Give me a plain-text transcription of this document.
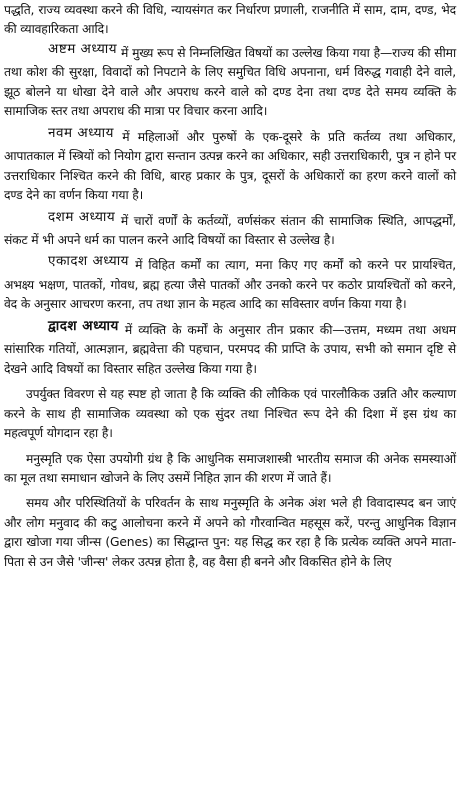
पद्धति, राज्य व्यवस्था करने की विधि, न्यायसंगत कर निर्धारण प्रणाली, राजनीति में साम, दाम, दण्ड, भेद की व्यावहारिकता आदि।

अष्टम अध्याय में मुख्य रूप से निम्नलिखित विषयों का उल्लेख किया गया है—राज्य की सीमा तथा कोश की सुरक्षा, विवादों को निपटाने के लिए समुचित विधि अपनाना, धर्म विरुद्ध गवाही देने वाले, झूठ बोलने या धोखा देने वाले और अपराध करने वाले को दण्ड देना तथा दण्ड देते समय व्यक्ति के सामाजिक स्तर तथा अपराध की मात्रा पर विचार करना आदि।

नवम अध्याय में महिलाओं और पुरुषों के एक-दूसरे के प्रति कर्तव्य तथा अधिकार, आपातकाल में स्त्रियों को नियोग द्वारा सन्तान उत्पन्न करने का अधिकार, सही उत्तराधिकारी, पुत्र न होने पर उत्तराधिकार निश्चित करने की विधि, बारह प्रकार के पुत्र, दूसरों के अधिकारों का हरण करने वालों को दण्ड देने का वर्णन किया गया है।

दशम अध्याय में चारों वर्णों के कर्तव्यों, वर्णसंकर संतान की सामाजिक स्थिति, आपद्धर्मों, संकट में भी अपने धर्म का पालन करने आदि विषयों का विस्तार से उल्लेख है।

एकादश अध्याय में विहित कर्मों का त्याग, मना किए गए कर्मों को करने पर प्रायश्चित, अभक्ष्य भक्षण, पातकों, गोवध, ब्रह्म हत्या जैसे पातकों और उनको करने पर कठोर प्रायश्चितों को करने, वेद के अनुसार आचरण करना, तप तथा ज्ञान के महत्व आदि का सविस्तार वर्णन किया गया है।

द्वादश अध्याय में व्यक्ति के कर्मों के अनुसार तीन प्रकार की—उत्तम, मध्यम तथा अधम सांसारिक गतियों, आत्मज्ञान, ब्रह्मवेत्ता की पहचान, परमपद की प्राप्ति के उपाय, सभी को समान दृष्टि से देखने आदि विषयों का विस्तार सहित उल्लेख किया गया है।

उपर्युक्त विवरण से यह स्पष्ट हो जाता है कि व्यक्ति की लौकिक एवं पारलौकिक उन्नति और कल्याण करने के साथ ही सामाजिक व्यवस्था को एक सुंदर तथा निश्चित रूप देने की दिशा में इस ग्रंथ का महत्वपूर्ण योगदान रहा है।

मनुस्मृति एक ऐसा उपयोगी ग्रंथ है कि आधुनिक समाजशास्त्री भारतीय समाज की अनेक समस्याओं का मूल तथा समाधान खोजने के लिए उसमें निहित ज्ञान की शरण में जाते हैं।

समय और परिस्थितियों के परिवर्तन के साथ मनुस्मृति के अनेक अंश भले ही विवादास्पद बन जाएं और लोग मनुवाद की कटु आलोचना करने में अपने को गौरवान्वित महसूस करें, परन्तु आधुनिक विज्ञान द्वारा खोजा गया जीन्स (Genes) का सिद्धान्त पुन: यह सिद्ध कर रहा है कि प्रत्येक व्यक्ति अपने माता-पिता से उन जैसे 'जीन्स' लेकर उत्पन्न होता है, वह वैसा ही बनने और विकसित होने के लिए
